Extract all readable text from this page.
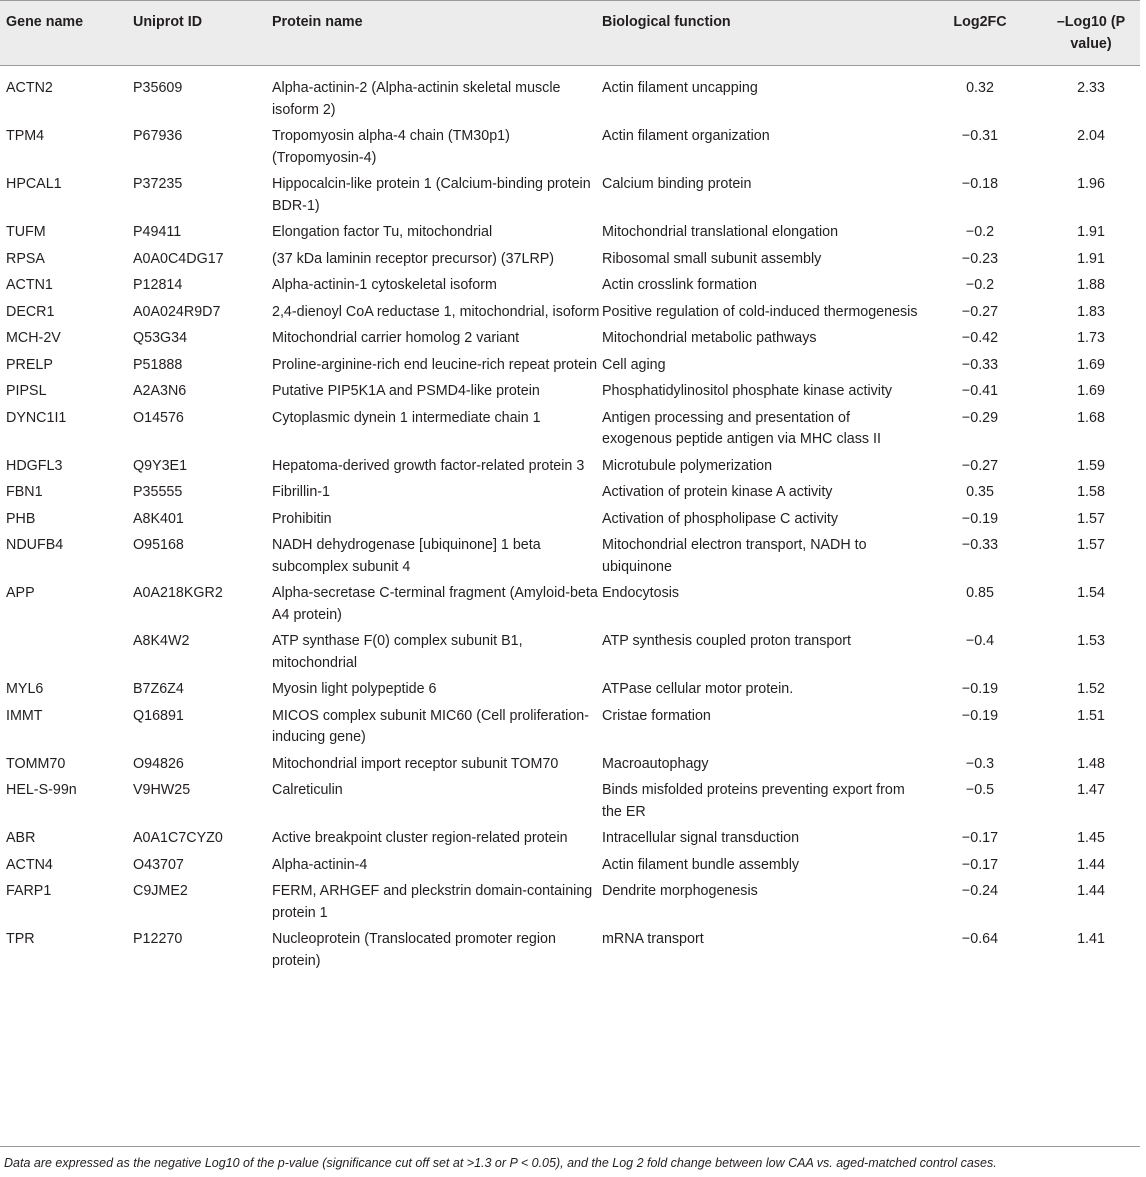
Gene name	Uniprot ID	Protein name	Biological function	Log2FC	–Log10 (P value)
ACTN2	P35609	Alpha-actinin-2 (Alpha-actinin skeletal muscle isoform 2)	Actin filament uncapping	0.32	2.33
TPM4	P67936	Tropomyosin alpha-4 chain (TM30p1) (Tropomyosin-4)	Actin filament organization	−0.31	2.04
HPCAL1	P37235	Hippocalcin-like protein 1 (Calcium-binding protein BDR-1)	Calcium binding protein	−0.18	1.96
TUFM	P49411	Elongation factor Tu, mitochondrial	Mitochondrial translational elongation	−0.2	1.91
RPSA	A0A0C4DG17	(37 kDa laminin receptor precursor) (37LRP)	Ribosomal small subunit assembly	−0.23	1.91
ACTN1	P12814	Alpha-actinin-1 cytoskeletal isoform	Actin crosslink formation	−0.2	1.88
DECR1	A0A024R9D7	2,4-dienoyl CoA reductase 1, mitochondrial, isoform	Positive regulation of cold-induced thermogenesis	−0.27	1.83
MCH-2V	Q53G34	Mitochondrial carrier homolog 2 variant	Mitochondrial metabolic pathways	−0.42	1.73
PRELP	P51888	Proline-arginine-rich end leucine-rich repeat protein	Cell aging	−0.33	1.69
PIPSL	A2A3N6	Putative PIP5K1A and PSMD4-like protein	Phosphatidylinositol phosphate kinase activity	−0.41	1.69
DYNC1I1	O14576	Cytoplasmic dynein 1 intermediate chain 1	Antigen processing and presentation of exogenous peptide antigen via MHC class II	−0.29	1.68
HDGFL3	Q9Y3E1	Hepatoma-derived growth factor-related protein 3	Microtubule polymerization	−0.27	1.59
FBN1	P35555	Fibrillin-1	Activation of protein kinase A activity	0.35	1.58
PHB	A8K401	Prohibitin	Activation of phospholipase C activity	−0.19	1.57
NDUFB4	O95168	NADH dehydrogenase [ubiquinone] 1 beta subcomplex subunit 4	Mitochondrial electron transport, NADH to ubiquinone	−0.33	1.57
APP	A0A218KGR2	Alpha-secretase C-terminal fragment (Amyloid-beta A4 protein)	Endocytosis	0.85	1.54
	A8K4W2	ATP synthase F(0) complex subunit B1, mitochondrial	ATP synthesis coupled proton transport	−0.4	1.53
MYL6	B7Z6Z4	Myosin light polypeptide 6	ATPase cellular motor protein.	−0.19	1.52
IMMT	Q16891	MICOS complex subunit MIC60 (Cell proliferation-inducing gene)	Cristae formation	−0.19	1.51
TOMM70	O94826	Mitochondrial import receptor subunit TOM70	Macroautophagy	−0.3	1.48
HEL-S-99n	V9HW25	Calreticulin	Binds misfolded proteins preventing export from the ER	−0.5	1.47
ABR	A0A1C7CYZ0	Active breakpoint cluster region-related protein	Intracellular signal transduction	−0.17	1.45
ACTN4	O43707	Alpha-actinin-4	Actin filament bundle assembly	−0.17	1.44
FARP1	C9JME2	FERM, ARHGEF and pleckstrin domain-containing protein 1	Dendrite morphogenesis	−0.24	1.44
TPR	P12270	Nucleoprotein (Translocated promoter region protein)	mRNA transport	−0.64	1.41
Data are expressed as the negative Log10 of the p-value (significance cut off set at >1.3 or P < 0.05), and the Log 2 fold change between low CAA vs. aged-matched control cases.
